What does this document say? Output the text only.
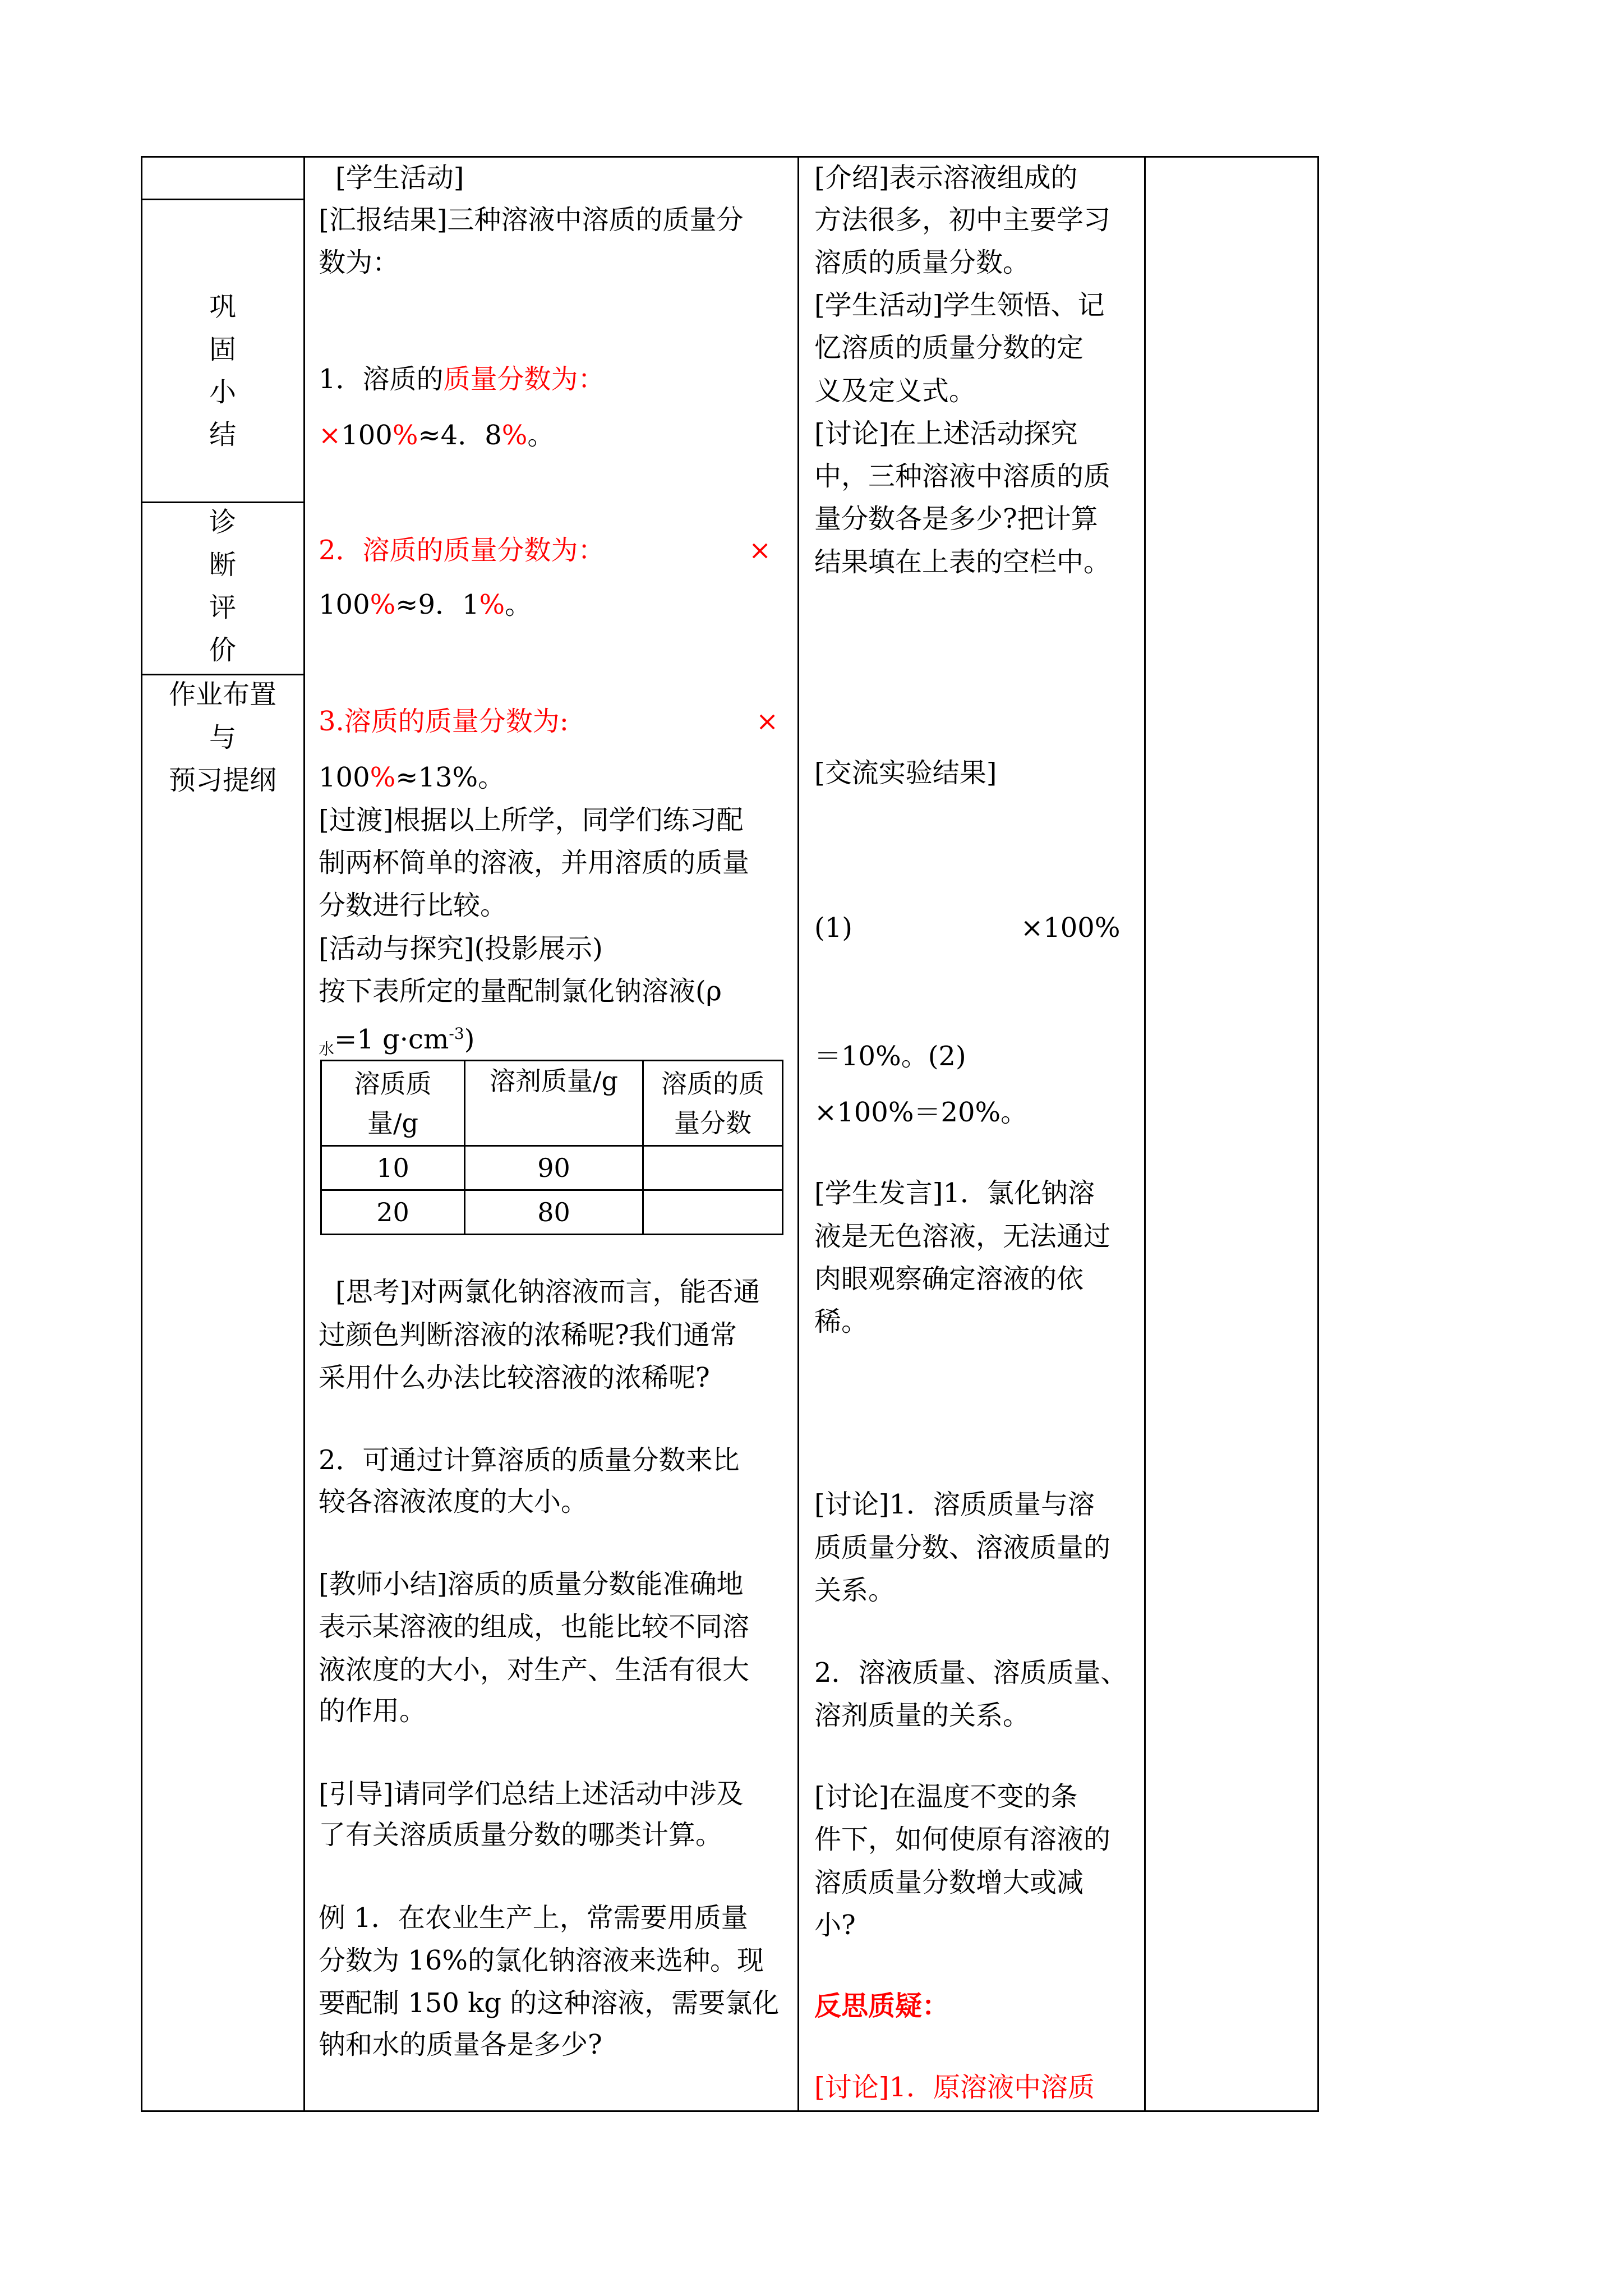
巩
固
小
结
诊
断
评
价
作业布置
与
预习提纲
[学生活动]
[汇报结果]三种溶液中溶质的质量分
数为：
1．溶质的质量分数为：
×100%≈4．8%。
2．溶质的质量分数为：
100%≈9．1%。
3.溶质的质量分数为:
100%≈13%。
[过渡]根据以上所学，同学们练习配
制两杯简单的溶液，并用溶质的质量
分数进行比较。
[活动与探究](投影展示)
按下表所定的量配制氯化钠溶液(ρ
$_水$=1 $g\cdot cm^{-3}$)
[思考]对两氯化钠溶液而言，能否通
过颜色判断溶液的浓稀呢?我们通常
采用什么办法比较溶液的浓稀呢?
2．可通过计算溶质的质量分数来比
较各溶液浓度的大小。
[教师小结]溶质的质量分数能准确地
表示某溶液的组成，也能比较不同溶
液浓度的大小，对生产、生活有很大
的作用。
[引导]请同学们总结上述活动中涉及
了有关溶质质量分数的哪类计算。
例 1．在农业生产上，常需要用质量
分数为 16%的氯化钠溶液来选种。现
要配制 150 kg 的这种溶液，需要氯化
钠和水的质量各是多少?
[介绍]表示溶液组成的
方法很多，初中主要学习
溶质的质量分数。
[学生活动]学生领悟、记
忆溶质的质量分数的定
义及定义式。
[讨论]在上述活动探究
中，三种溶液中溶质的质
量分数各是多少?把计算
结果填在上表的空栏中。
[交流实验结果]
(1)
＝10%。(2)
×100%＝20%。
[学生发言]1．氯化钠溶
液是无色溶液，无法通过
肉眼观察确定溶液的依
稀。
[讨论]1．溶质质量与溶
质质量分数、溶液质量的
关系。
2．溶液质量、溶质质量、
溶剂质量的关系。
[讨论]在温度不变的条
件下，如何使原有溶液的
溶质质量分数增大或减
小?
反思质疑：
[讨论]1．原溶液中溶质
×
×
×100%
溶质质量/g	溶剂质量/g	溶质的质量分数
10	90	
20	80	
